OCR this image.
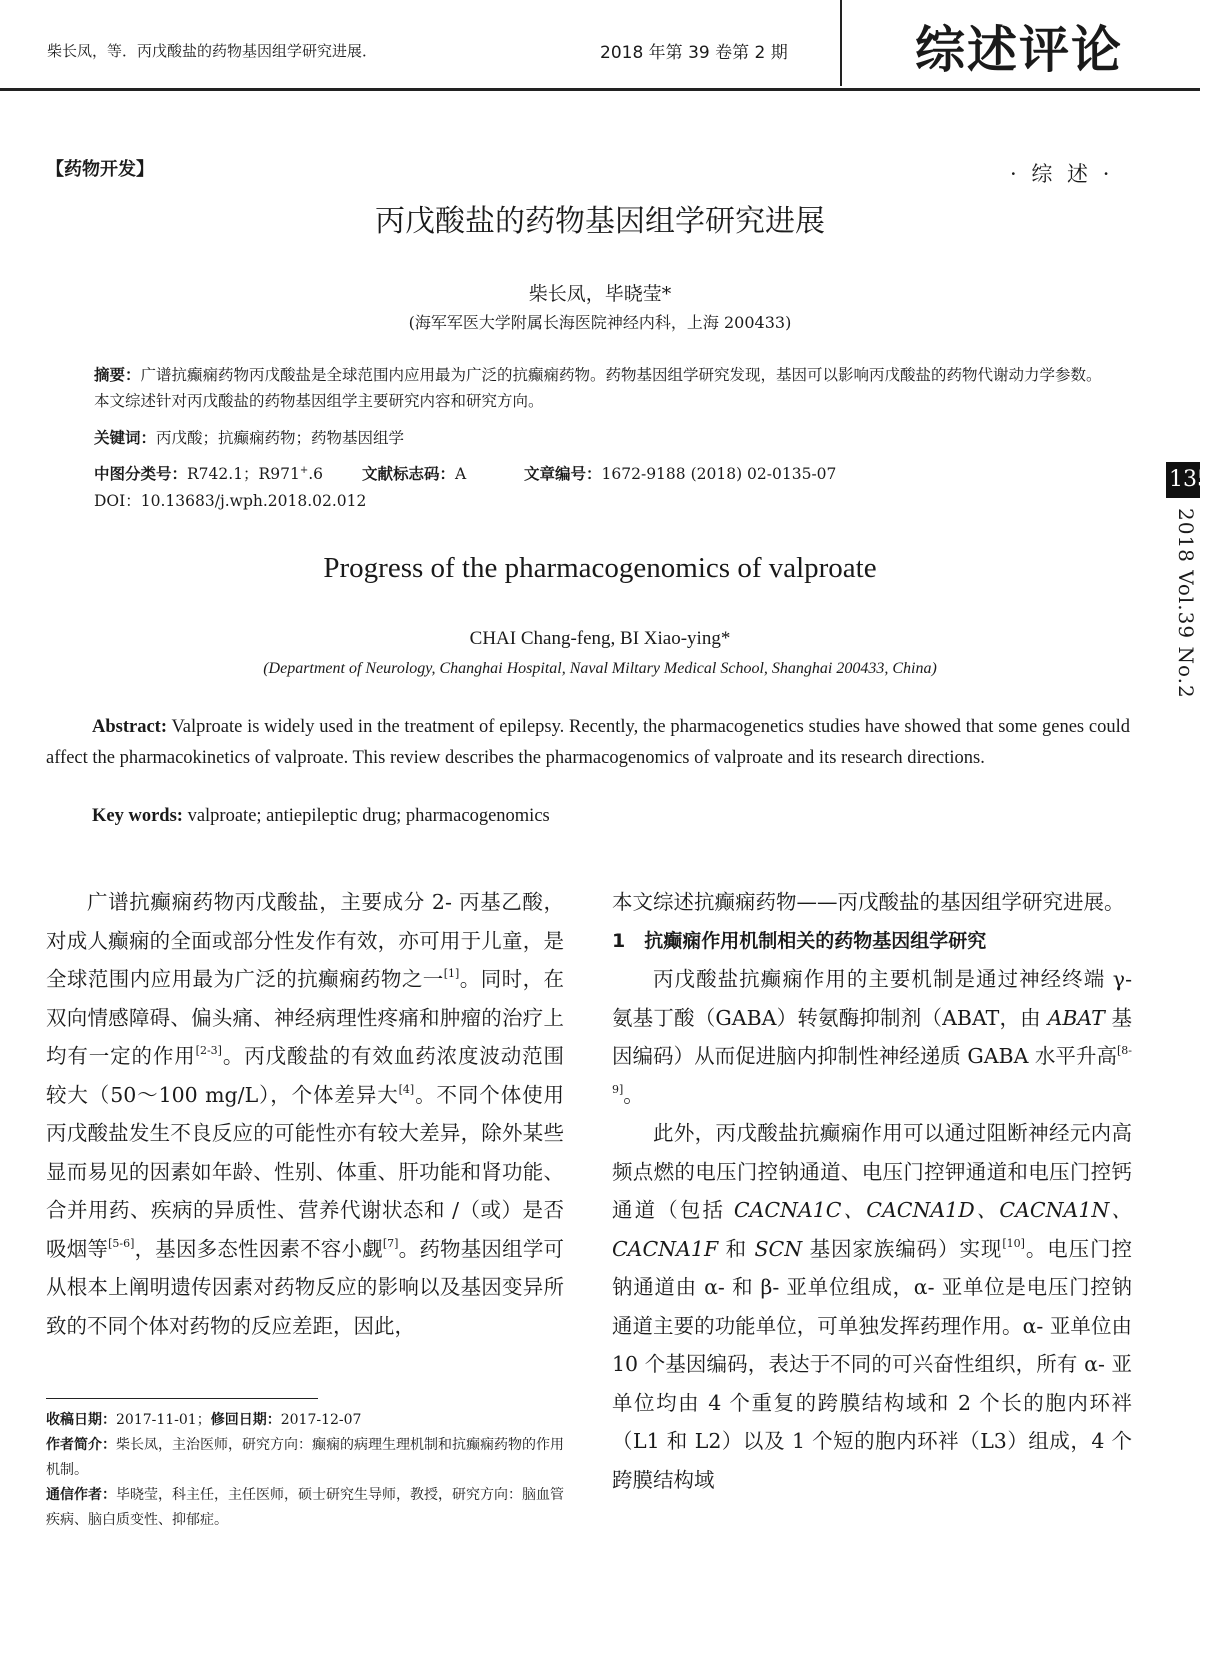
柴长凤，等．丙戊酸盐的药物基因组学研究进展．	2018 年第 39 卷第 2 期	综述评论
135
2018 Vol.39 No.2
【药物开发】	· 综 述 ·
丙戊酸盐的药物基因组学研究进展
柴长凤，毕晓莹*
(海军军医大学附属长海医院神经内科，上海 200433)
摘要：广谱抗癫痫药物丙戊酸盐是全球范围内应用最为广泛的抗癫痫药物。药物基因组学研究发现，基因可以影响丙戊酸盐的药物代谢动力学参数。本文综述针对丙戊酸盐的药物基因组学主要研究内容和研究方向。
关键词：丙戊酸；抗癫痫药物；药物基因组学
中图分类号：R742.1；R971+.6	文献标志码：A	文章编号：1672-9188 (2018) 02-0135-07
DOI：10.13683/j.wph.2018.02.012
Progress of the pharmacogenomics of valproate
CHAI Chang-feng, BI Xiao-ying*
(Department of Neurology, Changhai Hospital, Naval Miltary Medical School, Shanghai 200433, China)
Abstract: Valproate is widely used in the treatment of epilepsy. Recently, the pharmacogenetics studies have showed that some genes could affect the pharmacokinetics of valproate. This review describes the pharmacogenomics of valproate and its research directions.
Key words: valproate; antiepileptic drug; pharmacogenomics

广谱抗癫痫药物丙戊酸盐，主要成分 2- 丙基乙酸，对成人癫痫的全面或部分性发作有效，亦可用于儿童，是全球范围内应用最为广泛的抗癫痫药物之一[1]。同时，在双向情感障碍、偏头痛、神经病理性疼痛和肿瘤的治疗上均有一定的作用[2-3]。丙戊酸盐的有效血药浓度波动范围较大（50～100 mg/L），个体差异大[4]。不同个体使用丙戊酸盐发生不良反应的可能性亦有较大差异，除外某些显而易见的因素如年龄、性别、体重、肝功能和肾功能、合并用药、疾病的异质性、营养代谢状态和 /（或）是否吸烟等[5-6]，基因多态性因素不容小觑[7]。药物基因组学可从根本上阐明遗传因素对药物反应的影响以及基因变异所致的不同个体对药物的反应差距，因此，

本文综述抗癫痫药物——丙戊酸盐的基因组学研究进展。

1　抗癫痫作用机制相关的药物基因组学研究

丙戊酸盐抗癫痫作用的主要机制是通过神经终端 γ- 氨基丁酸（GABA）转氨酶抑制剂（ABAT，由 ABAT 基因编码）从而促进脑内抑制性神经递质 GABA 水平升高[8-9]。

此外，丙戊酸盐抗癫痫作用可以通过阻断神经元内高频点燃的电压门控钠通道、电压门控钾通道和电压门控钙通道（包括 CACNA1C、CACNA1D、CACNA1N、CACNA1F 和 SCN 基因家族编码）实现[10]。电压门控钠通道由 α- 和 β- 亚单位组成，α- 亚单位是电压门控钠通道主要的功能单位，可单独发挥药理作用。α- 亚单位由 10 个基因编码，表达于不同的可兴奋性组织，所有 α- 亚单位均由 4 个重复的跨膜结构域和 2 个长的胞内环袢（L1 和 L2）以及 1 个短的胞内环袢（L3）组成，4 个跨膜结构域

收稿日期：2017-11-01；修回日期：2017-12-07

作者简介：柴长凤，主治医师，研究方向：癫痫的病理生理机制和抗癫痫药物的作用机制。

通信作者：毕晓莹，科主任，主任医师，硕士研究生导师，教授，研究方向：脑血管疾病、脑白质变性、抑郁症。
